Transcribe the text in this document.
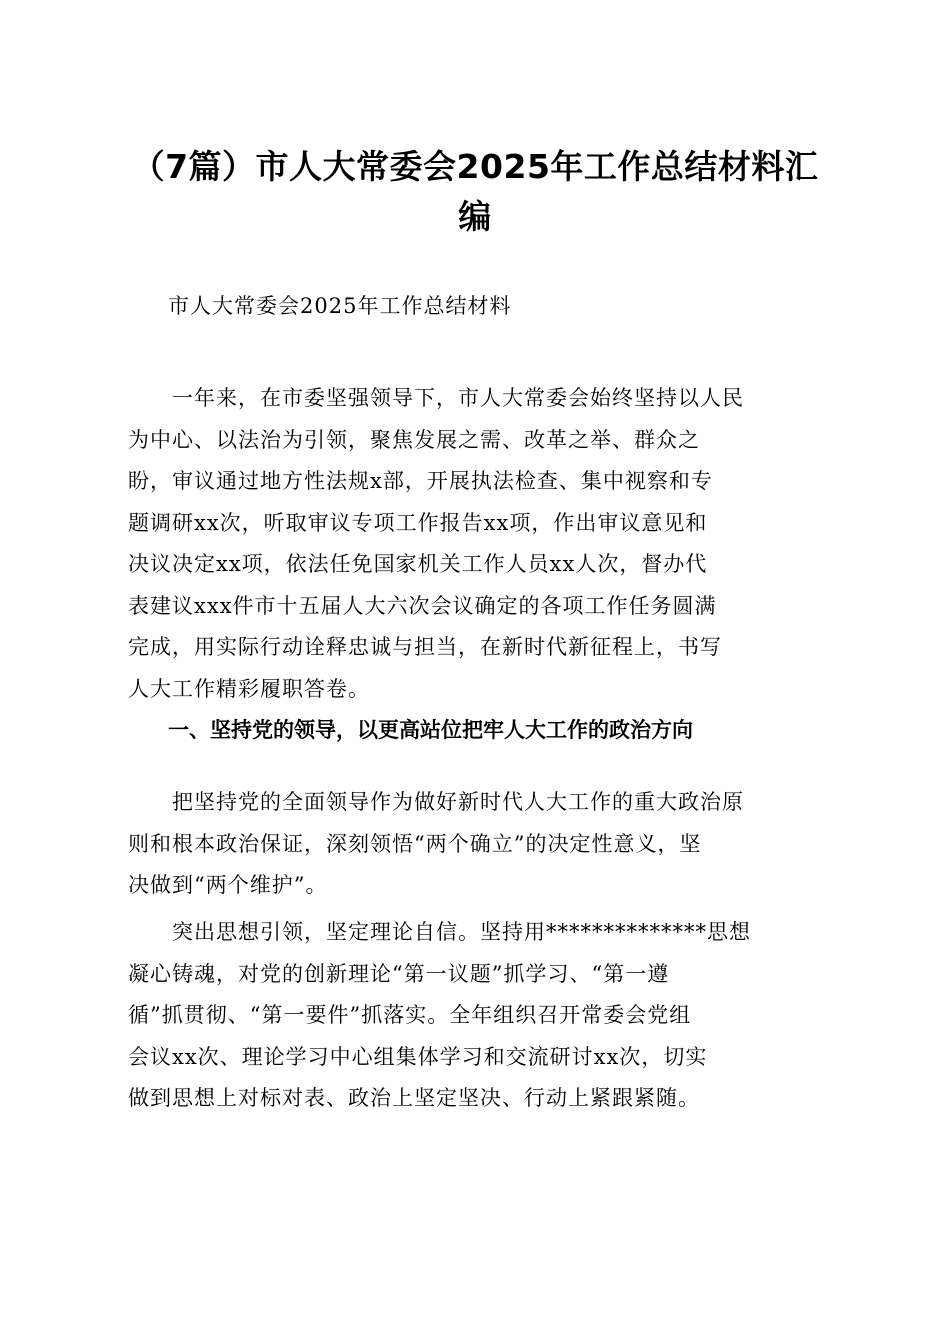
（7篇）市人大常委会2025年工作总结材料汇
编

市人大常委会2025年工作总结材料

　　一年来，在市委坚强领导下，市人大常委会始终坚持以人民
为中心、以法治为引领，聚焦发展之需、改革之举、群众之
盼，审议通过地方性法规x部，开展执法检查、集中视察和专
题调研xx次，听取审议专项工作报告xx项，作出审议意见和
决议决定xx项，依法任免国家机关工作人员xx人次，督办代
表建议xxx件市十五届人大六次会议确定的各项工作任务圆满
完成，用实际行动诠释忠诚与担当，在新时代新征程上，书写
人大工作精彩履职答卷。

一、坚持党的领导，以更高站位把牢人大工作的政治方向

　　把坚持党的全面领导作为做好新时代人大工作的重大政治原
则和根本政治保证，深刻领悟“两个确立”的决定性意义，坚
决做到“两个维护”。

　　突出思想引领，坚定理论自信。坚持用**************思想
凝心铸魂，对党的创新理论“第一议题”抓学习、“第一遵
循”抓贯彻、“第一要件”抓落实。全年组织召开常委会党组
会议xx次、理论学习中心组集体学习和交流研讨xx次，切实
做到思想上对标对表、政治上坚定坚决、行动上紧跟紧随。
